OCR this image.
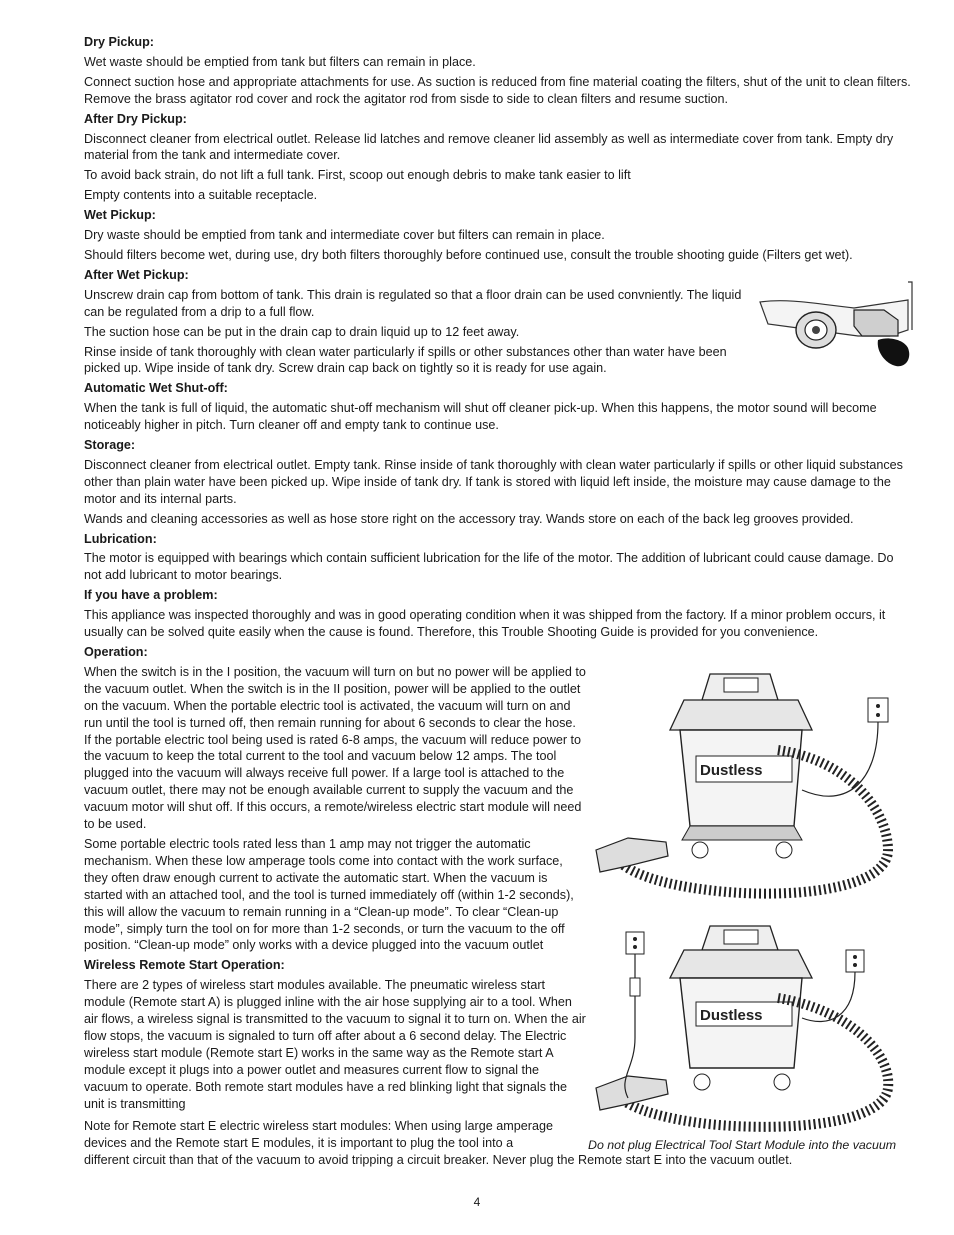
Dry Pickup:
Wet waste should be emptied from tank but filters can remain in place.
Connect suction hose and appropriate attachments for use. As suction is reduced from fine material coating the filters, shut of the unit to clean filters. Remove the brass agitator rod cover and rock the agitator rod from sisde to side to clean filters and resume suction.
After Dry Pickup:
Disconnect cleaner from electrical outlet. Release lid latches and remove cleaner lid assembly as well as intermediate cover from tank. Empty dry material from the tank and intermediate cover.
To avoid back strain, do not lift a full tank. First, scoop out enough debris to make tank easier to lift
Empty contents into a suitable receptacle.
Wet Pickup:
Dry waste should be emptied from tank and intermediate cover but filters can remain in place.
Should filters become wet, during use, dry both filters thoroughly before continued use, consult the trouble shooting guide (Filters get wet).
After Wet Pickup:
Unscrew drain cap from bottom of tank. This drain is regulated so that a floor drain can be used convniently. The liquid can be regulated from a drip to a full flow.
The suction hose can be put in the drain cap to drain liquid up to 12 feet away.
Rinse inside of tank thoroughly with clean water particularly if spills or other substances other than water have been picked up. Wipe inside of tank dry. Screw drain cap back on tightly so it is ready for use again.
Automatic Wet Shut-off:
When the tank is full of liquid, the automatic shut-off mechanism will shut off cleaner pick-up. When this happens, the motor sound will become noticeably higher in pitch. Turn cleaner off and empty tank to continue use.
Storage:
Disconnect cleaner from electrical outlet. Empty tank. Rinse inside of tank thoroughly with clean water particularly if spills or other liquid substances other than plain water have been picked up. Wipe inside of tank dry. If tank is stored with liquid left inside, the moisture may cause damage to the motor and its internal parts.
Wands and cleaning accessories as well as hose store right on the accessory tray. Wands store on each of the back leg grooves provided.
Lubrication:
The motor is equipped with bearings which contain sufficient lubrication for the life of the motor. The addition of lubricant could cause damage. Do not add lubricant to motor bearings.
If you have a problem:
This appliance was inspected thoroughly and was in good operating condition when it was shipped from the factory. If a minor problem occurs, it usually can be solved quite easily when the cause is found. Therefore, this Trouble Shooting Guide is provided for you convenience.
Operation:
When the switch is in the I position, the vacuum will turn on but no power will be applied to the vacuum outlet. When the switch is in the II position, power will be applied to the outlet on the vacuum. When the portable electric tool is activated, the vacuum will turn on and run until the tool is turned off, then remain running for about 6 seconds to clear the hose. If the portable electric tool being used is rated 6-8 amps, the vacuum will reduce power to the vacuum to keep the total current to the tool and vacuum below 12 amps. The tool plugged into the vacuum will always receive full power. If a large tool is attached to the vacuum outlet, there may not be enough available current to supply the vacuum and the vacuum motor will shut off. If this occurs, a remote/wireless electric start module will need to be used.
Some portable electric tools rated less than 1 amp may not trigger the automatic mechanism. When these low amperage tools come into contact with the work surface, they often draw enough current to activate the automatic start. When the vacuum is started with an attached tool, and the tool is turned immediately off (within 1-2 seconds), this will allow the vacuum to remain running in a “Clean-up mode”. To clear “Clean-up mode”, simply turn the tool on for more than 1-2 seconds, or turn the vacuum to the off position. “Clean-up mode” only works with a device plugged into the vacuum outlet
Wireless Remote Start Operation:
There are 2 types of wireless start modules available. The pneumatic wireless start module (Remote start A) is plugged inline with the air hose supplying air to a tool. When air flows, a wireless signal is transmitted to the vacuum to signal it to turn on. When the air flow stops, the vacuum is signaled to turn off after about a 6 second delay. The Electric wireless start module (Remote start E) works in the same way as the Remote start A module except it plugs into a power outlet and measures current flow to signal the vacuum to operate. Both remote start modules have a red blinking light that signals the unit is transmitting
Note for Remote start E electric wireless start modules: When using large amperage devices and the Remote start E modules, it is important to plug the tool into a
different circuit than that of the vacuum to avoid tripping a circuit breaker. Never plug the Remote start E into the vacuum outlet.
Dustless
Dustless
Do not plug Electrical Tool Start Module into the vacuum
4
